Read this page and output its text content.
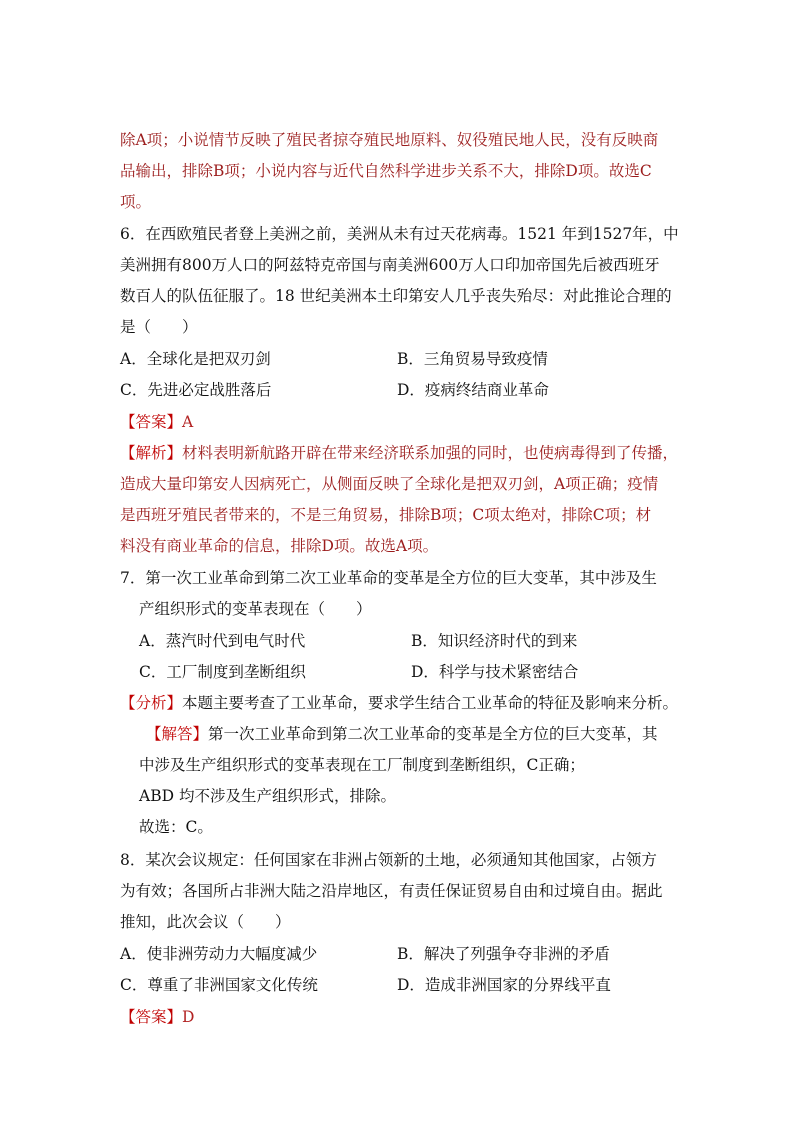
除A项；小说情节反映了殖民者掠夺殖民地原料、奴役殖民地人民，没有反映商
品输出，排除B项；小说内容与近代自然科学进步关系不大，排除D项。故选C
项。
6．在西欧殖民者登上美洲之前，美洲从未有过天花病毒。1521 年到1527年，中
美洲拥有800万人口的阿兹特克帝国与南美洲600万人口印加帝国先后被西班牙
数百人的队伍征服了。18 世纪美洲本土印第安人几乎丧失殆尽：对此推论合理的
是（　　）
A．全球化是把双刃剑	B．三角贸易导致疫情
C．先进必定战胜落后	D．疫病终结商业革命
【答案】A
【解析】材料表明新航路开辟在带来经济联系加强的同时，也使病毒得到了传播，
造成大量印第安人因病死亡，从侧面反映了全球化是把双刃剑，A项正确；疫情
是西班牙殖民者带来的，不是三角贸易，排除B项；C项太绝对，排除C项；材
料没有商业革命的信息，排除D项。故选A项。
7．第一次工业革命到第二次工业革命的变革是全方位的巨大变革，其中涉及生
产组织形式的变革表现在（　　）
A．蒸汽时代到电气时代	B．知识经济时代的到来
C．工厂制度到垄断组织	D．科学与技术紧密结合
【分析】本题主要考查了工业革命，要求学生结合工业革命的特征及影响来分析。
【解答】第一次工业革命到第二次工业革命的变革是全方位的巨大变革，其
中涉及生产组织形式的变革表现在工厂制度到垄断组织，C正确；
ABD 均不涉及生产组织形式，排除。
故选：C。
8．某次会议规定：任何国家在非洲占领新的土地，必须通知其他国家，占领方
为有效；各国所占非洲大陆之沿岸地区，有责任保证贸易自由和过境自由。据此
推知，此次会议（　　）
A．使非洲劳动力大幅度减少	B．解决了列强争夺非洲的矛盾
C．尊重了非洲国家文化传统	D．造成非洲国家的分界线平直
【答案】D
